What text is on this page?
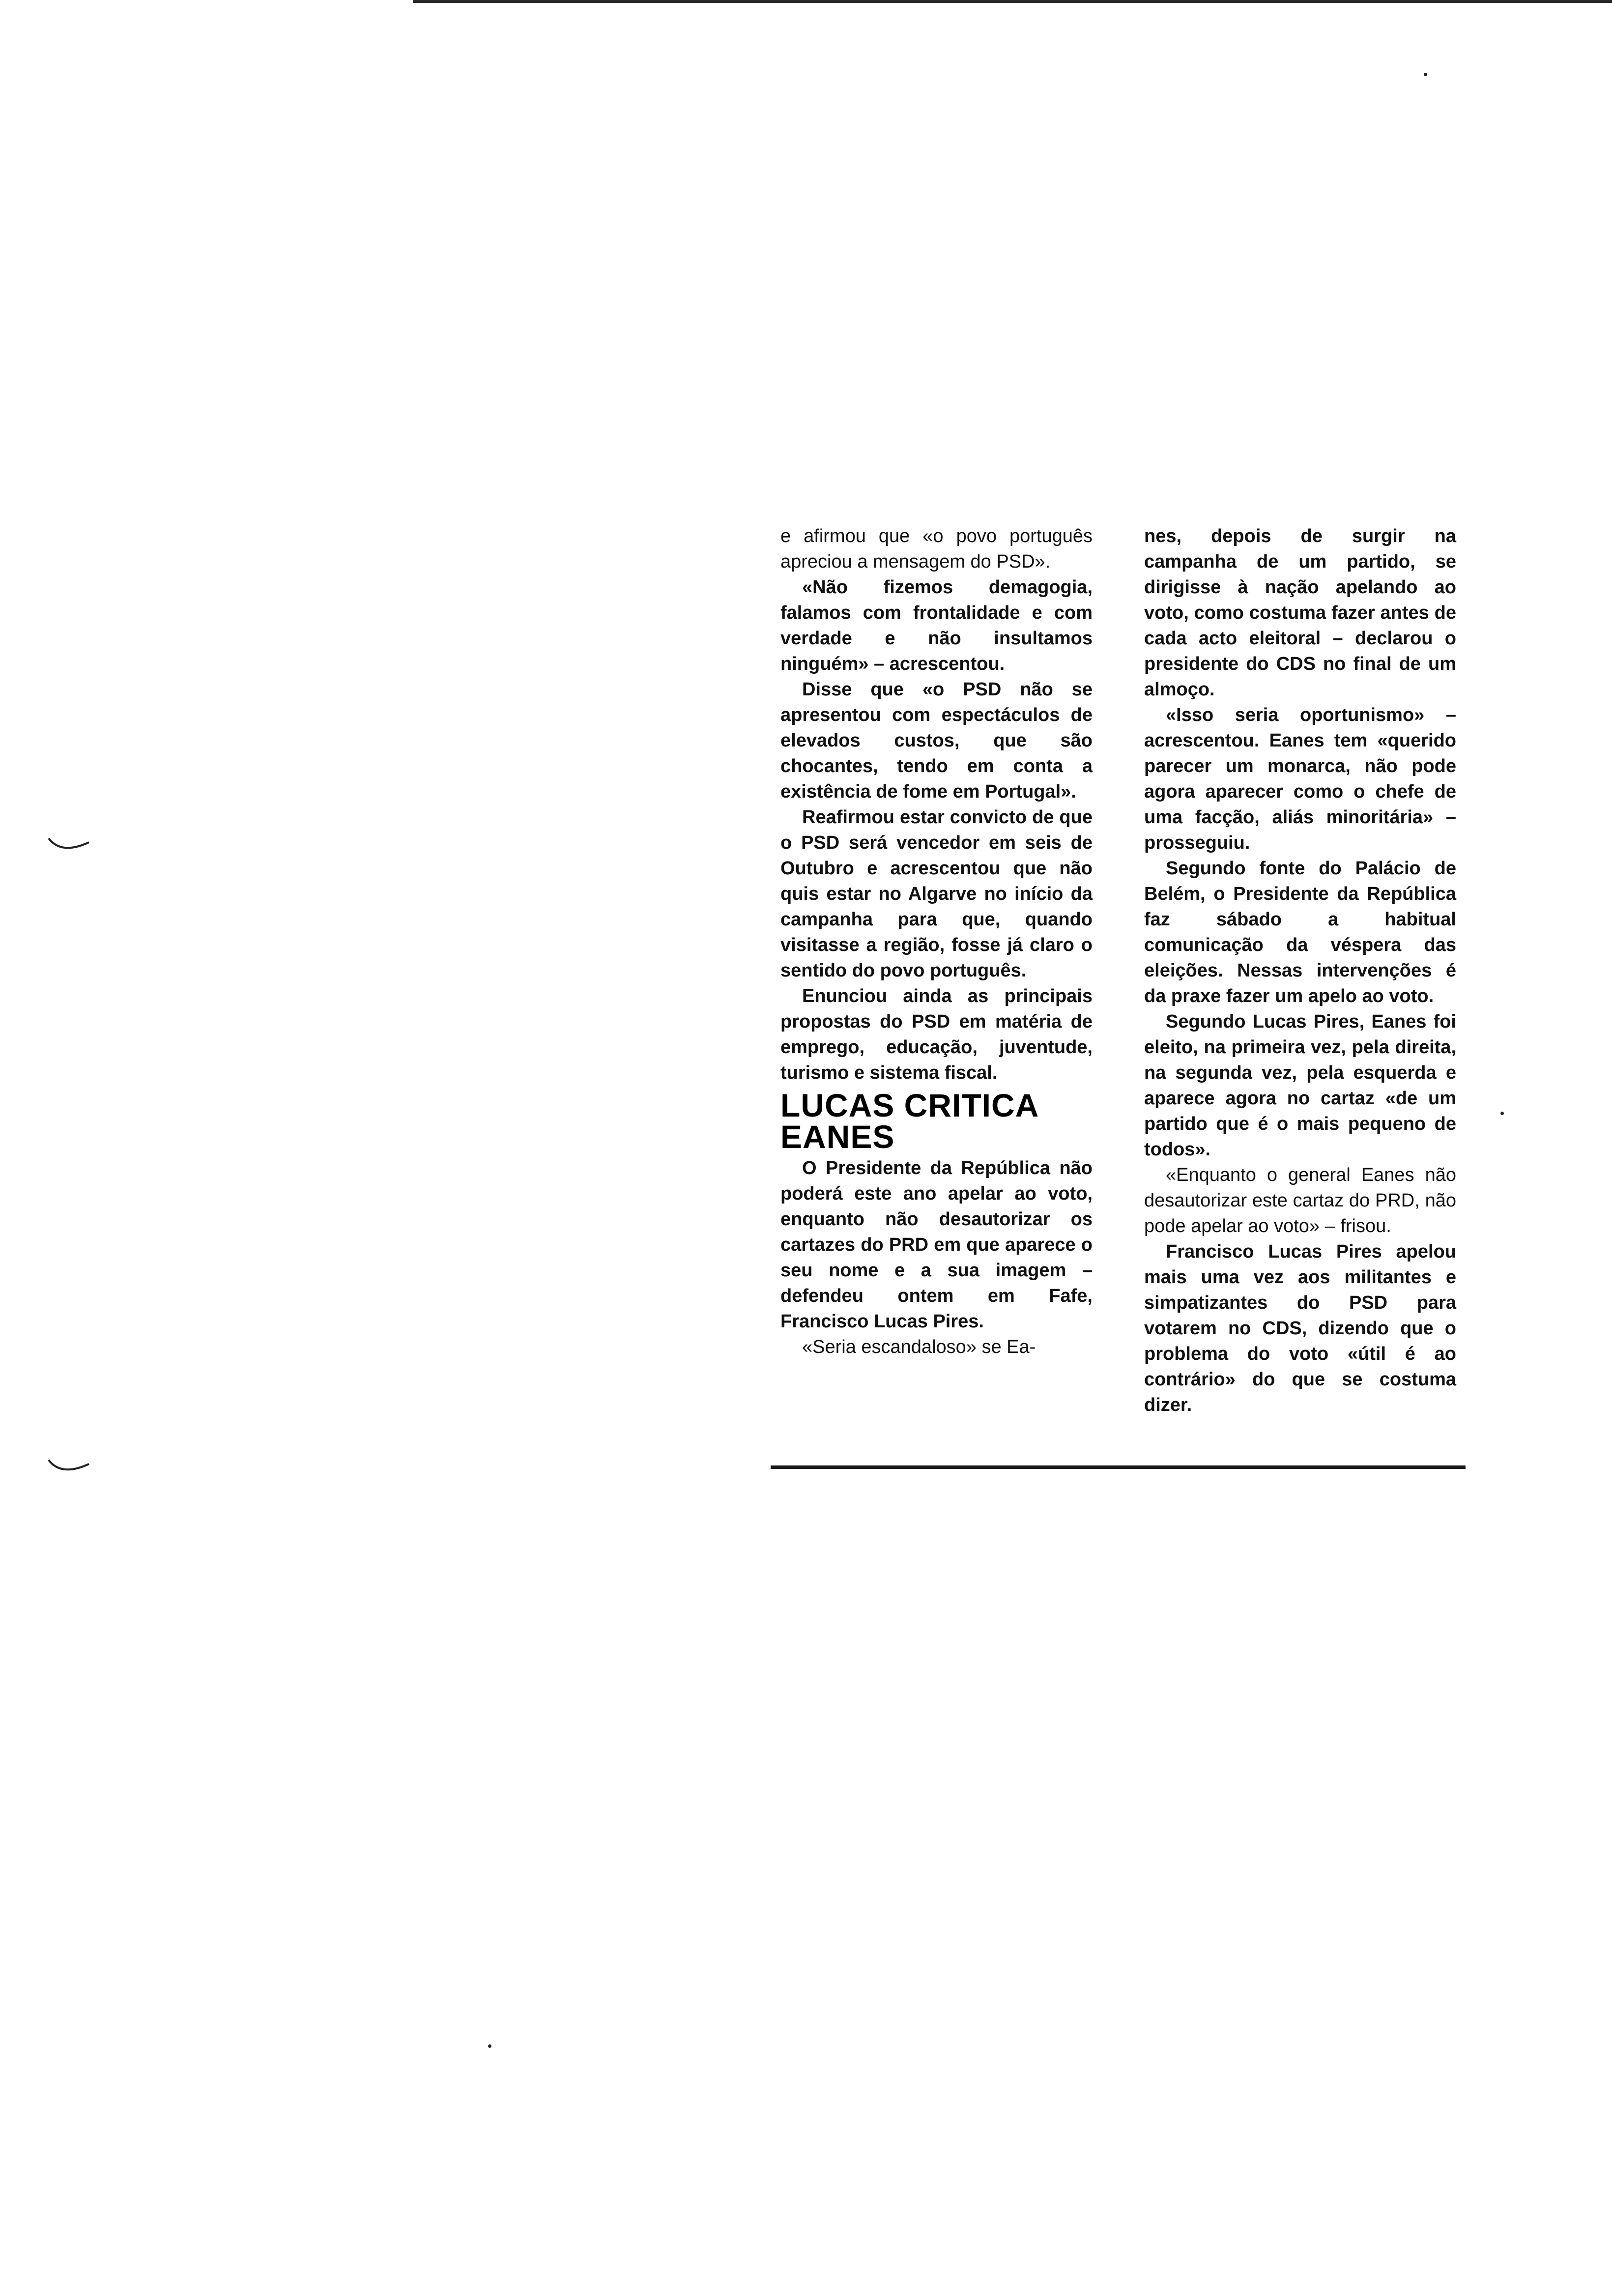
e afirmou que «o povo português apreciou a mensagem do PSD».

«Não fizemos demagogia, falamos com frontalidade e com verdade e não insultamos ninguém» – acrescentou.

Disse que «o PSD não se apresentou com espectáculos de elevados custos, que são chocantes, tendo em conta a existência de fome em Portugal».

Reafirmou estar convicto de que o PSD será vencedor em seis de Outubro e acrescentou que não quis estar no Algarve no início da campanha para que, quando visitasse a região, fosse já claro o sentido do povo português.

Enunciou ainda as principais propostas do PSD em matéria de emprego, educação, juventude, turismo e sistema fiscal.

LUCAS CRITICA EANES

O Presidente da República não poderá este ano apelar ao voto, enquanto não desautorizar os cartazes do PRD em que aparece o seu nome e a sua imagem – defendeu ontem em Fafe, Francisco Lucas Pires.

«Seria escandaloso» se Ea-

nes, depois de surgir na campanha de um partido, se dirigisse à nação apelando ao voto, como costuma fazer antes de cada acto eleitoral – declarou o presidente do CDS no final de um almoço.

«Isso seria oportunismo» – acrescentou. Eanes tem «querido parecer um monarca, não pode agora aparecer como o chefe de uma facção, aliás minoritária» – prosseguiu.

Segundo fonte do Palácio de Belém, o Presidente da República faz sábado a habitual comunicação da véspera das eleições. Nessas intervenções é da praxe fazer um apelo ao voto.

Segundo Lucas Pires, Eanes foi eleito, na primeira vez, pela direita, na segunda vez, pela esquerda e aparece agora no cartaz «de um partido que é o mais pequeno de todos».

«Enquanto o general Eanes não desautorizar este cartaz do PRD, não pode apelar ao voto» – frisou.

Francisco Lucas Pires apelou mais uma vez aos militantes e simpatizantes do PSD para votarem no CDS, dizendo que o problema do voto «útil é ao contrário» do que se costuma dizer.
